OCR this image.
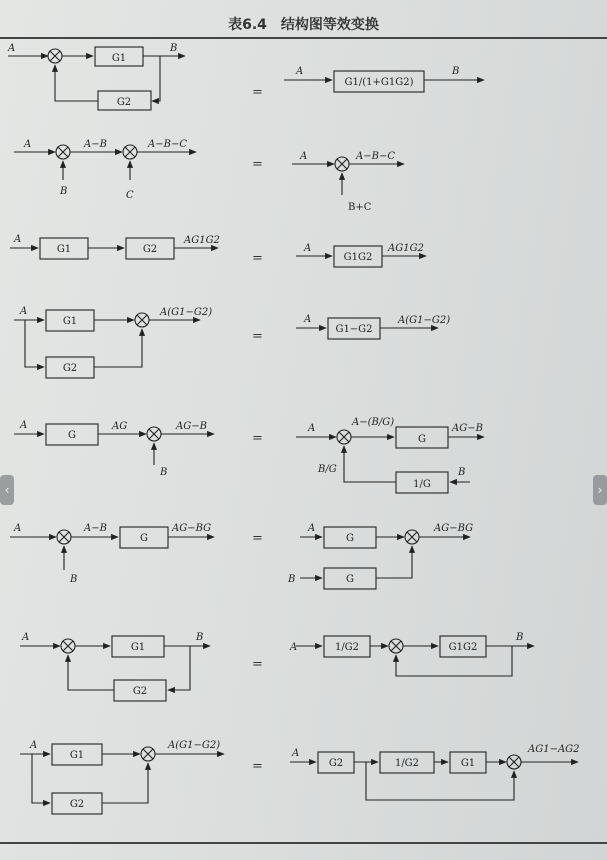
表6.4　结构图等效变换
=
=
=
=
=
=
=
=
A
G1
G2
B
A
G1/(1+G1G2)
B
A	A−B	A−B−C
B	C
A	A−B−C
B+C
A
G1	G2
AG1G2
A
G1G2
AG1G2
A
G1
G2
A(G1−G2)
A
G1−G2
A(G1−G2)
A
G
AG	AG−B
B
A
A−(B/G)
G
AG−B
B/G
1/G
B
A	A−B
G
AG−BG
B
A
G
AG−BG
B	G
A
G1
G2
B
A	1/G2	G1G2
B
A
G1
G2
A(G1−G2)
A
G2	1/G2	G1
AG1−AG2
‹	›
